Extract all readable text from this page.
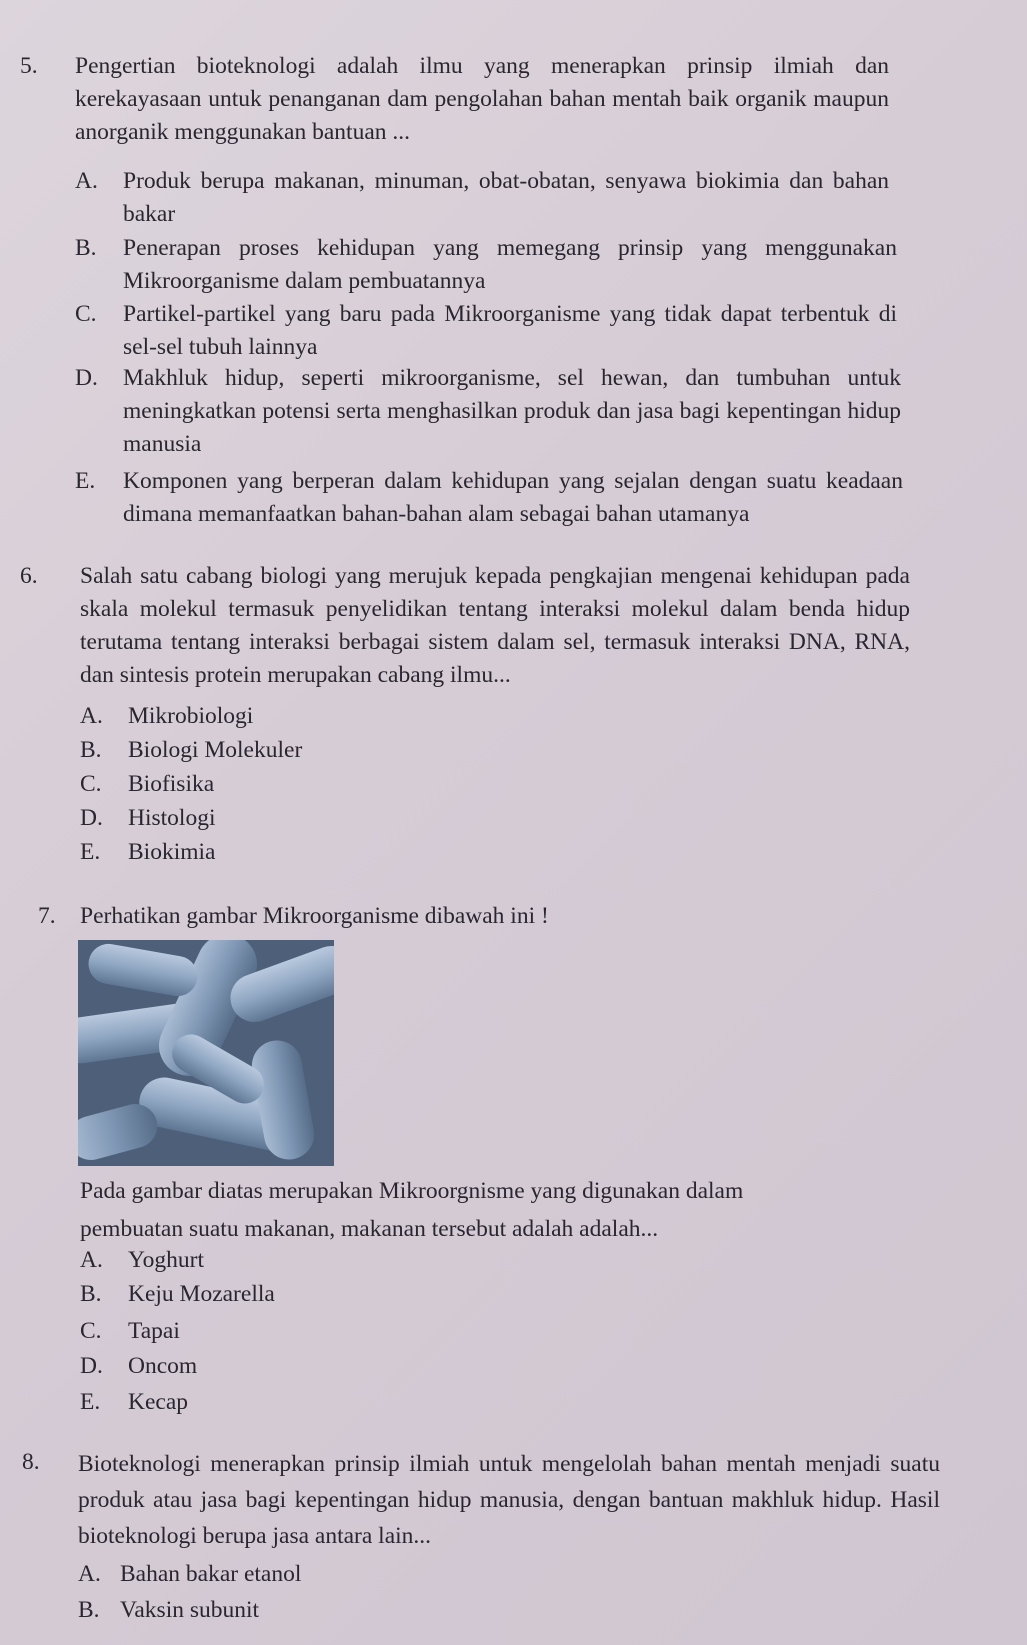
5. Pengertian bioteknologi adalah ilmu yang menerapkan prinsip ilmiah dan kerekayasaan untuk penanganan dam pengolahan bahan mentah baik organik maupun anorganik menggunakan bantuan ...
A. Produk berupa makanan, minuman, obat-obatan, senyawa biokimia dan bahan bakar
B. Penerapan proses kehidupan yang memegang prinsip yang menggunakan Mikroorganisme dalam pembuatannya
C. Partikel-partikel yang baru pada Mikroorganisme yang tidak dapat terbentuk di sel-sel tubuh lainnya
D. Makhluk hidup, seperti mikroorganisme, sel hewan, dan tumbuhan untuk meningkatkan potensi serta menghasilkan produk dan jasa bagi kepentingan hidup manusia
E. Komponen yang berperan dalam kehidupan yang sejalan dengan suatu keadaan dimana memanfaatkan bahan-bahan alam sebagai bahan utamanya
6. Salah satu cabang biologi yang merujuk kepada pengkajian mengenai kehidupan pada skala molekul termasuk penyelidikan tentang interaksi molekul dalam benda hidup terutama tentang interaksi berbagai sistem dalam sel, termasuk interaksi DNA, RNA, dan sintesis protein merupakan cabang ilmu...
A. Mikrobiologi
B. Biologi Molekuler
C. Biofisika
D. Histologi
E. Biokimia
7. Perhatikan gambar Mikroorganisme dibawah ini !
Pada gambar diatas merupakan Mikroorgnisme yang digunakan dalam pembuatan suatu makanan, makanan tersebut adalah adalah...
A. Yoghurt
B. Keju Mozarella
C. Tapai
D. Oncom
E. Kecap
8. Bioteknologi menerapkan prinsip ilmiah untuk mengelolah bahan mentah menjadi suatu produk atau jasa bagi kepentingan hidup manusia, dengan bantuan makhluk hidup. Hasil bioteknologi berupa jasa antara lain...
A. Bahan bakar etanol
B. Vaksin subunit
